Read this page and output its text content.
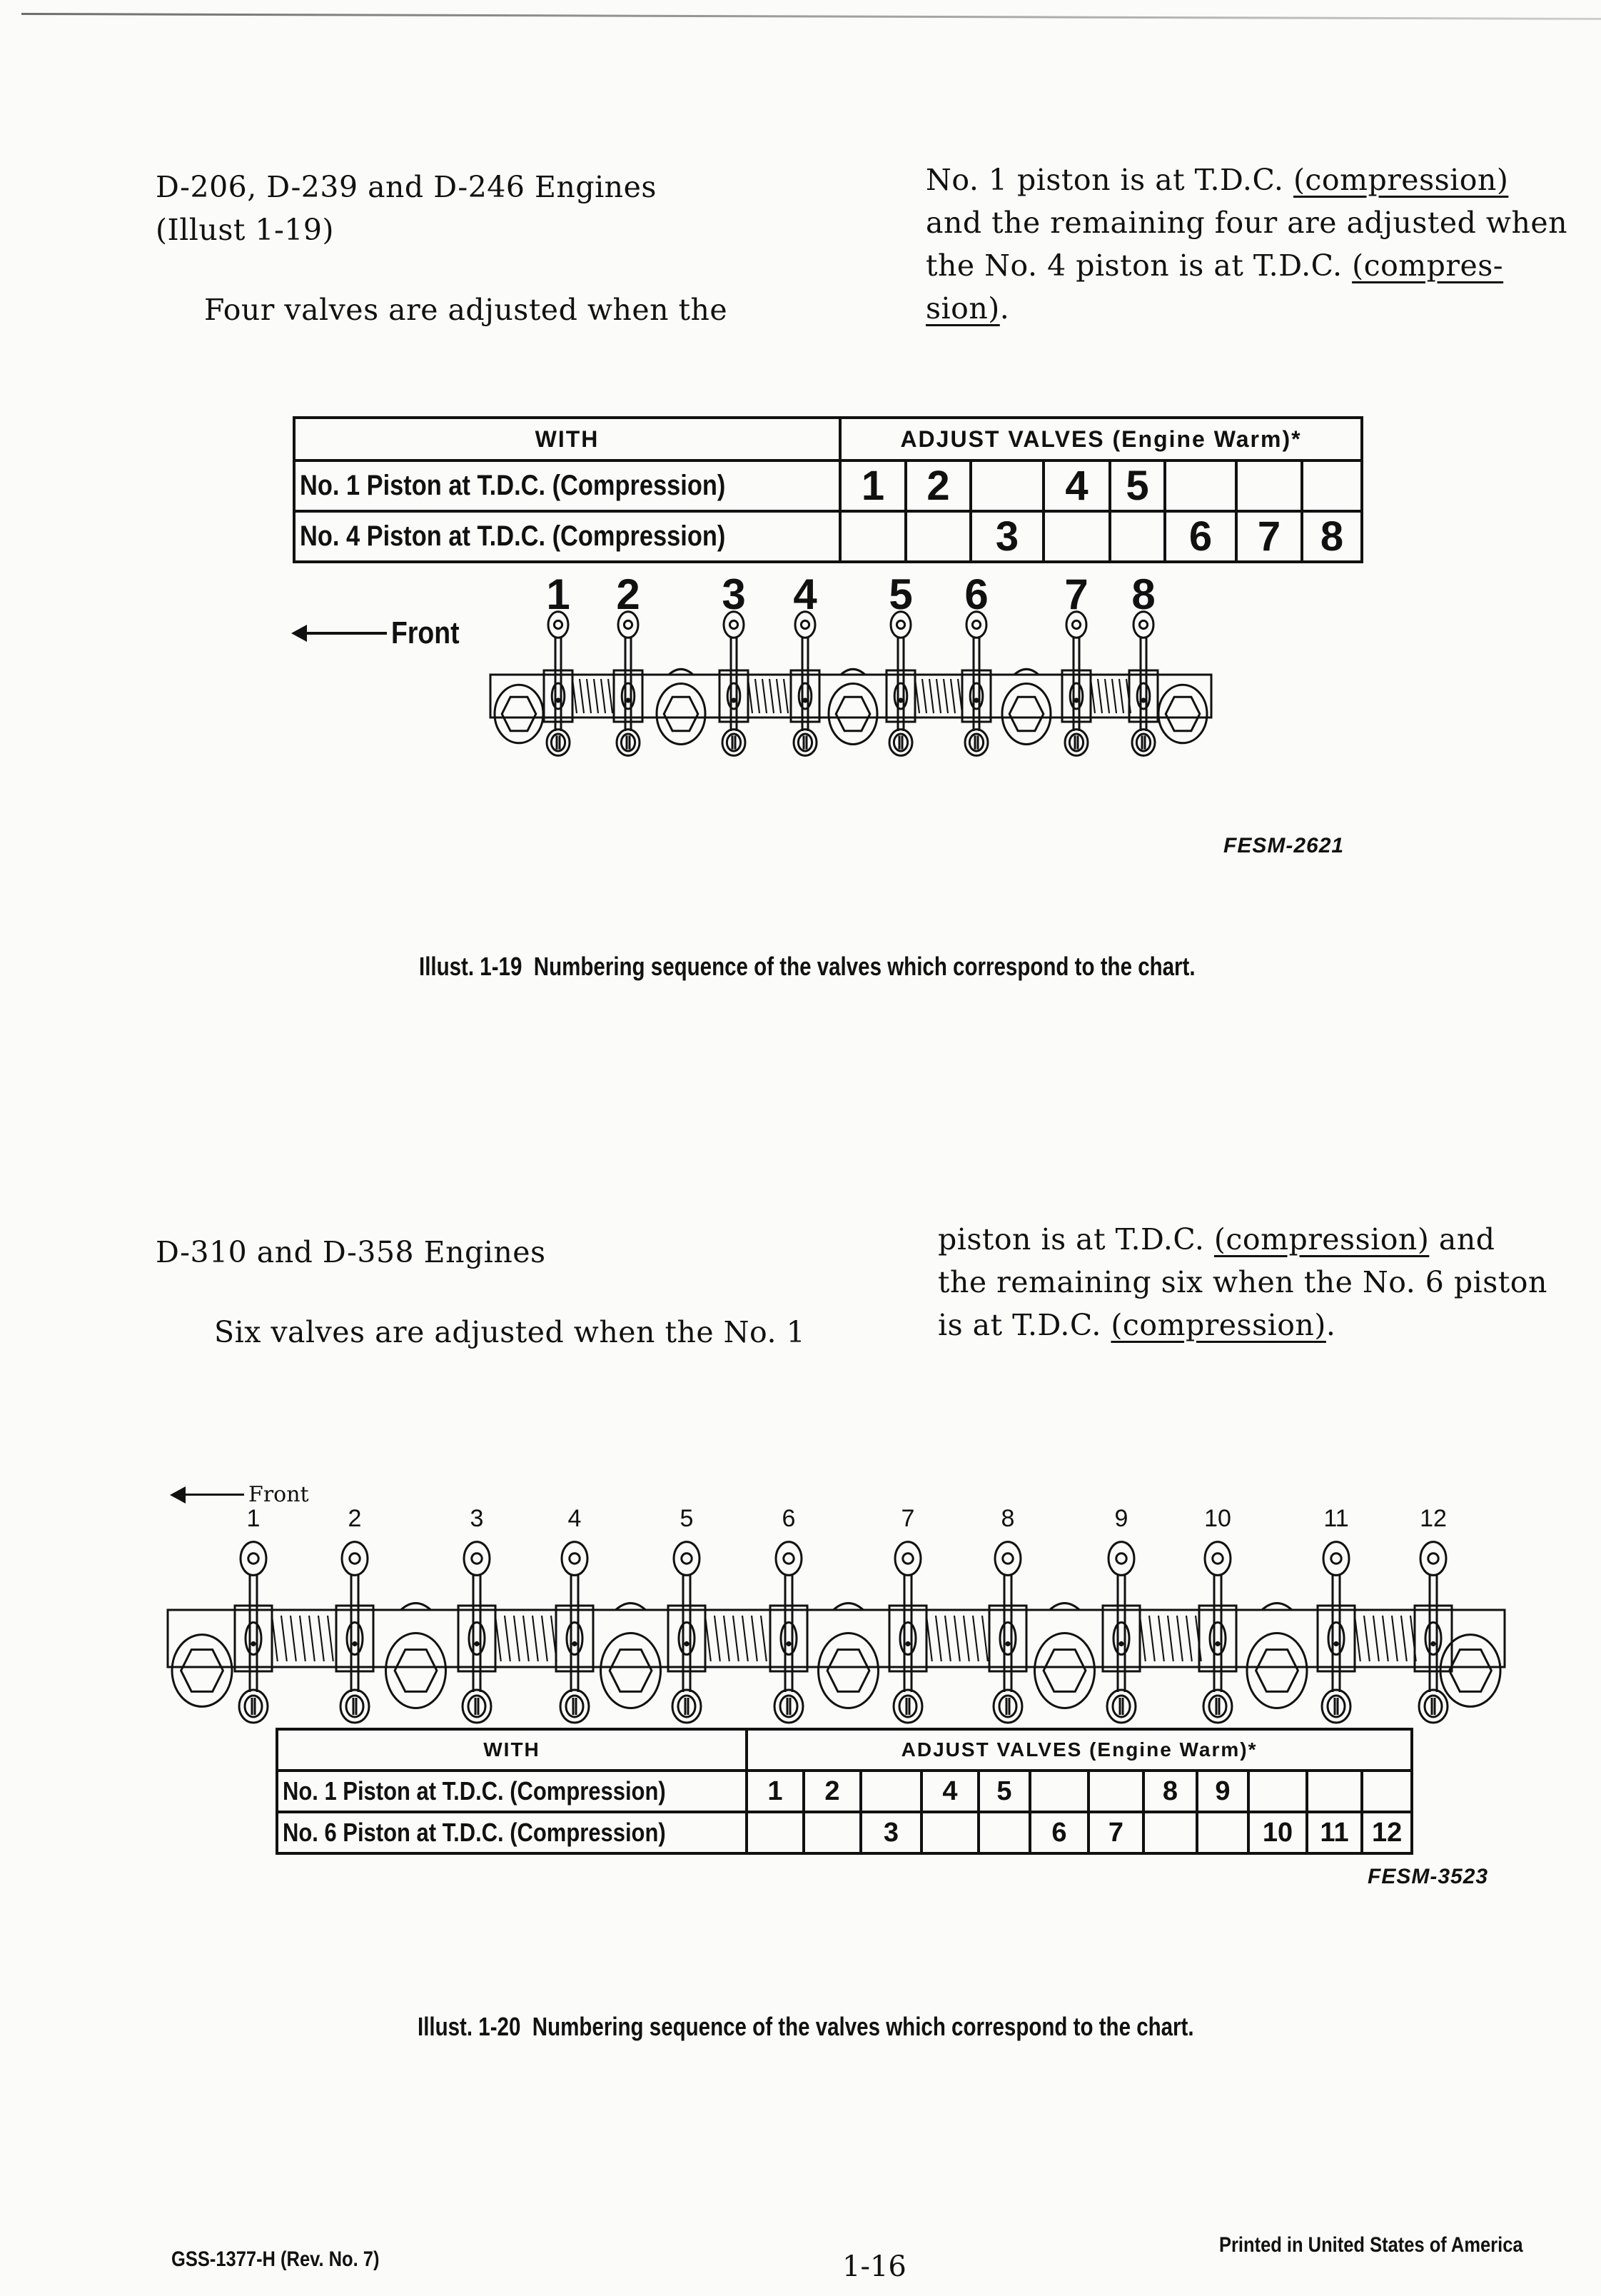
D-206, D-239 and D-246 Engines
(Illust 1-19)
Four valves are adjusted when the
No. 1 piston is at T.D.C. (compression)
and the remaining four are adjusted when
the No. 4 piston is at T.D.C. (compres-
sion).
WITH	ADJUST VALVES (Engine Warm)*							
No. 1 Piston at T.D.C. (Compression)	1	2		4	5			
No. 4 Piston at T.D.C. (Compression)			3			6	7	8
Front
1 2 3 4 5 6 7 8
FESM-2621
Illust. 1-19 Numbering sequence of the valves which correspond to the chart.
D-310 and D-358 Engines
Six valves are adjusted when the No. 1
piston is at T.D.C. (compression) and
the remaining six when the No. 6 piston
is at T.D.C. (compression).
Front
1	2	3	4	5	6	7	8	9	10	11	12
WITH	ADJUST VALVES (Engine Warm)*											
No. 1 Piston at T.D.C. (Compression)	1	2		4	5			8	9			
No. 6 Piston at T.D.C. (Compression)			3			6	7			10	11	12
FESM-3523
Illust. 1-20 Numbering sequence of the valves which correspond to the chart.
GSS-1377-H (Rev. No. 7)	1-16
Printed in United States of America
